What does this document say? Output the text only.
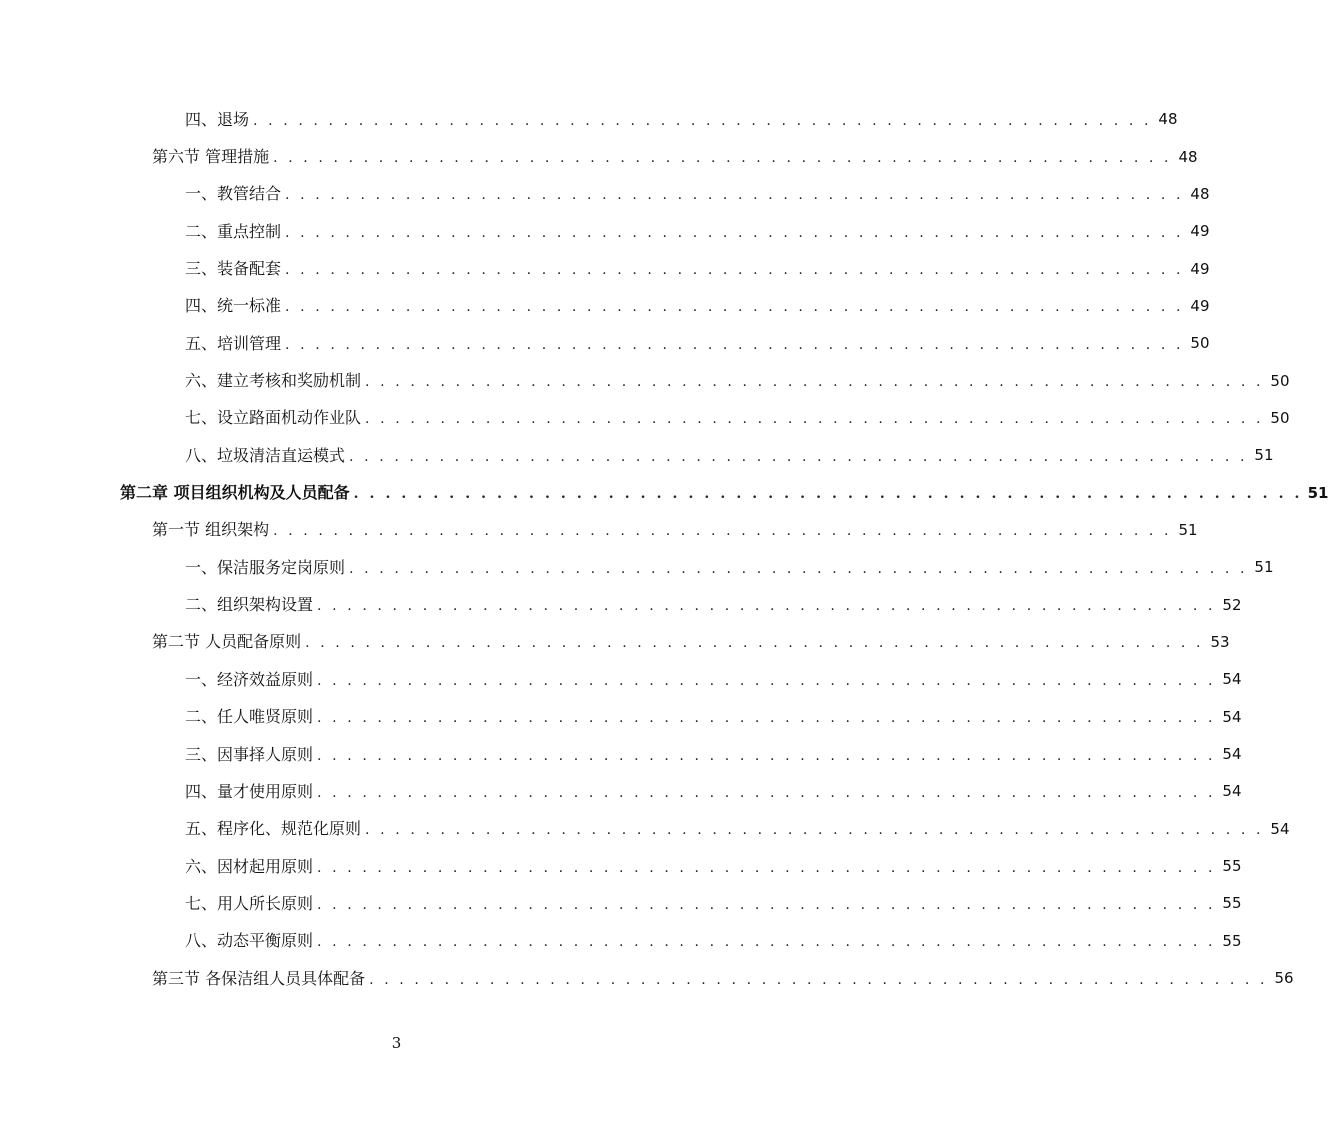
四、退场 . . . . . . . . . . . . . . . . . . . . . . . . . . . . . . . . . . . . . . . . . . . . . . . . . . . . . . . . . . . . 48
第六节 管理措施 . . . . . . . . . . . . . . . . . . . . . . . . . . . . . . . . . . . . . . . . . . . . . . . . . . . . . . . . . . . . 48
一、教管结合 . . . . . . . . . . . . . . . . . . . . . . . . . . . . . . . . . . . . . . . . . . . . . . . . . . . . . . . . . . . . 48
二、重点控制 . . . . . . . . . . . . . . . . . . . . . . . . . . . . . . . . . . . . . . . . . . . . . . . . . . . . . . . . . . . . 49
三、装备配套 . . . . . . . . . . . . . . . . . . . . . . . . . . . . . . . . . . . . . . . . . . . . . . . . . . . . . . . . . . . . 49
四、统一标准 . . . . . . . . . . . . . . . . . . . . . . . . . . . . . . . . . . . . . . . . . . . . . . . . . . . . . . . . . . . . 49
五、培训管理 . . . . . . . . . . . . . . . . . . . . . . . . . . . . . . . . . . . . . . . . . . . . . . . . . . . . . . . . . . . . 50
六、建立考核和奖励机制 . . . . . . . . . . . . . . . . . . . . . . . . . . . . . . . . . . . . . . . . . . . . . . . . . . . . . . . . . . . . 50
七、设立路面机动作业队 . . . . . . . . . . . . . . . . . . . . . . . . . . . . . . . . . . . . . . . . . . . . . . . . . . . . . . . . . . . . 50
八、垃圾清洁直运模式 . . . . . . . . . . . . . . . . . . . . . . . . . . . . . . . . . . . . . . . . . . . . . . . . . . . . . . . . . . . . 51
第二章 项目组织机构及人员配备 . . . . . . . . . . . . . . . . . . . . . . . . . . . . . . . . . . . . . . . . . . . . . . . . . . . . . . . . . . . . 51
第一节 组织架构 . . . . . . . . . . . . . . . . . . . . . . . . . . . . . . . . . . . . . . . . . . . . . . . . . . . . . . . . . . . . 51
一、保洁服务定岗原则 . . . . . . . . . . . . . . . . . . . . . . . . . . . . . . . . . . . . . . . . . . . . . . . . . . . . . . . . . . . . 51
二、组织架构设置 . . . . . . . . . . . . . . . . . . . . . . . . . . . . . . . . . . . . . . . . . . . . . . . . . . . . . . . . . . . . 52
第二节 人员配备原则 . . . . . . . . . . . . . . . . . . . . . . . . . . . . . . . . . . . . . . . . . . . . . . . . . . . . . . . . . . . . 53
一、经济效益原则 . . . . . . . . . . . . . . . . . . . . . . . . . . . . . . . . . . . . . . . . . . . . . . . . . . . . . . . . . . . . 54
二、任人唯贤原则 . . . . . . . . . . . . . . . . . . . . . . . . . . . . . . . . . . . . . . . . . . . . . . . . . . . . . . . . . . . . 54
三、因事择人原则 . . . . . . . . . . . . . . . . . . . . . . . . . . . . . . . . . . . . . . . . . . . . . . . . . . . . . . . . . . . . 54
四、量才使用原则 . . . . . . . . . . . . . . . . . . . . . . . . . . . . . . . . . . . . . . . . . . . . . . . . . . . . . . . . . . . . 54
五、程序化、规范化原则 . . . . . . . . . . . . . . . . . . . . . . . . . . . . . . . . . . . . . . . . . . . . . . . . . . . . . . . . . . . . 54
六、因材起用原则 . . . . . . . . . . . . . . . . . . . . . . . . . . . . . . . . . . . . . . . . . . . . . . . . . . . . . . . . . . . . 55
七、用人所长原则 . . . . . . . . . . . . . . . . . . . . . . . . . . . . . . . . . . . . . . . . . . . . . . . . . . . . . . . . . . . . 55
八、动态平衡原则 . . . . . . . . . . . . . . . . . . . . . . . . . . . . . . . . . . . . . . . . . . . . . . . . . . . . . . . . . . . . 55
第三节 各保洁组人员具体配备 . . . . . . . . . . . . . . . . . . . . . . . . . . . . . . . . . . . . . . . . . . . . . . . . . . . . . . . . . . . . 56
3
